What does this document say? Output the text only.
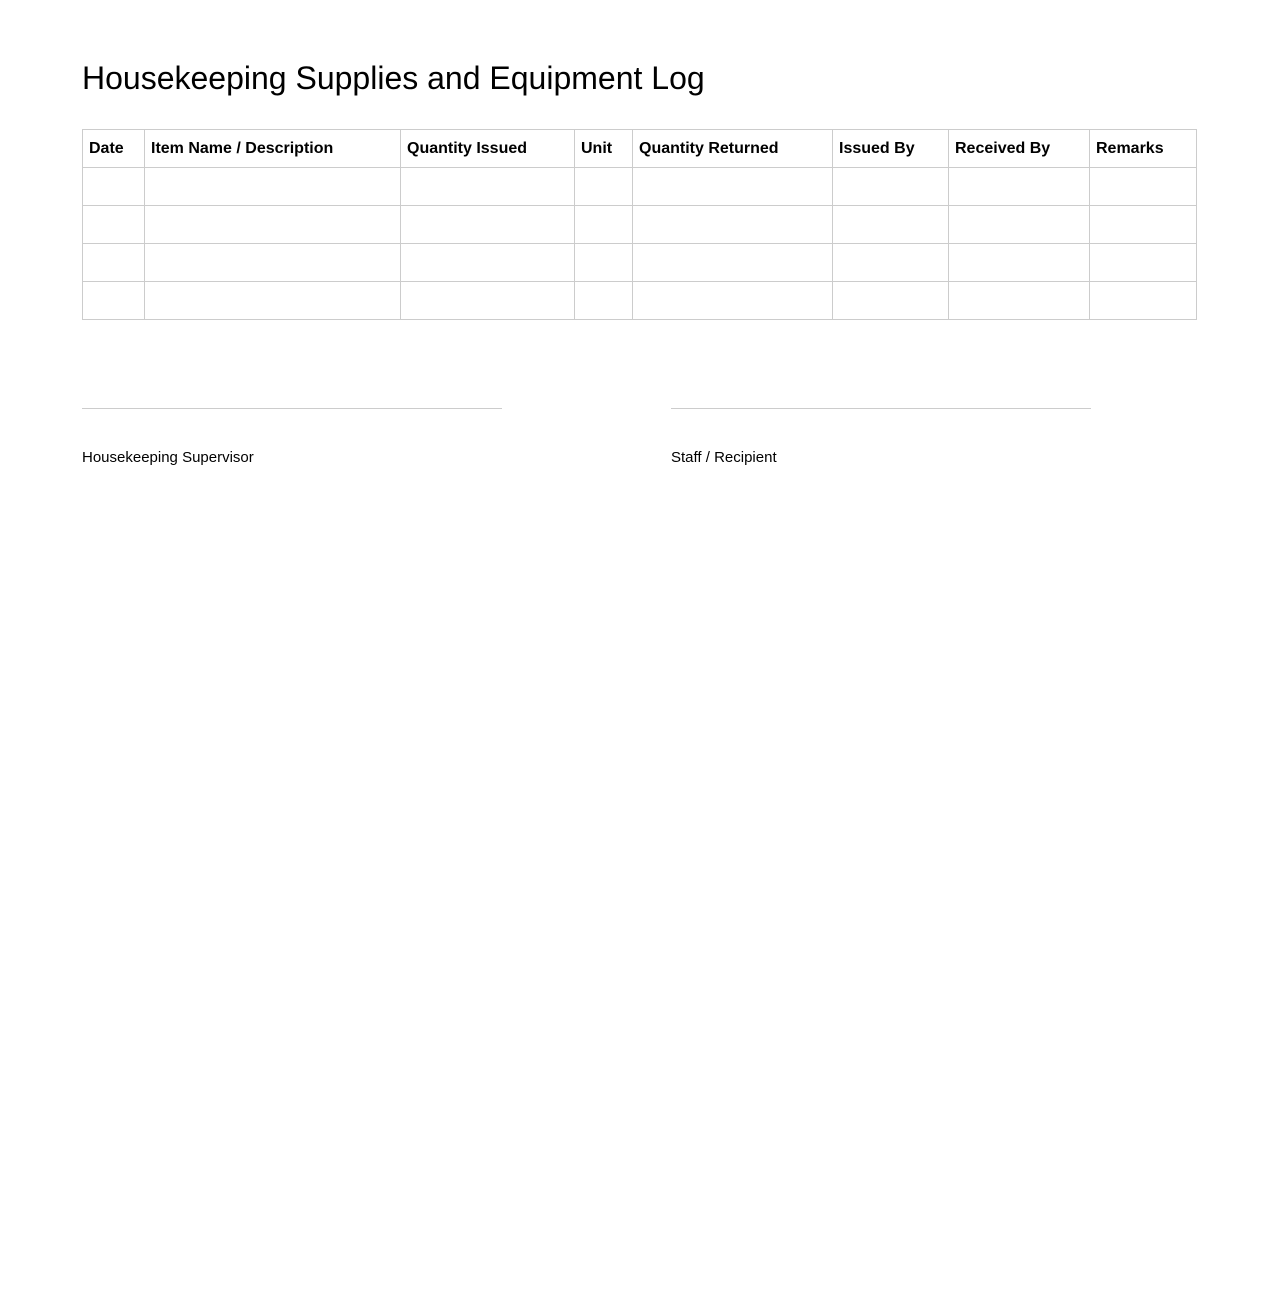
Housekeeping Supplies and Equipment Log
Date	Item Name / Description	Quantity Issued	Unit	Quantity Returned	Issued By	Received By	Remarks

Housekeeping Supervisor	Staff / Recipient
